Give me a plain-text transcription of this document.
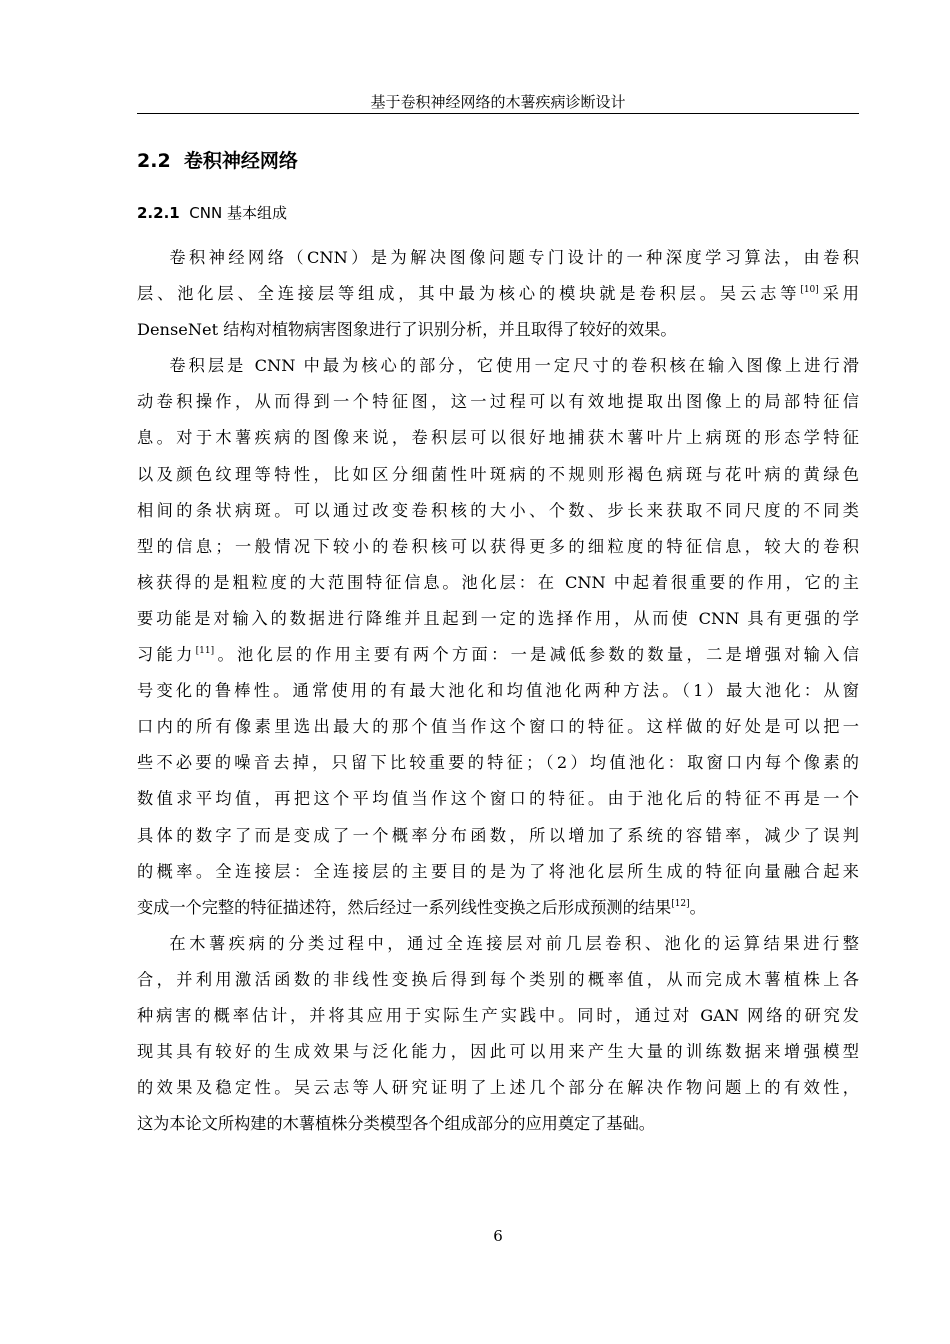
基于卷积神经网络的木薯疾病诊断设计
2.2 卷积神经网络
2.2.1 CNN 基本组成
卷积神经网络（CNN）是为解决图像问题专门设计的一种深度学习算法，由卷积
层、池化层、全连接层等组成，其中最为核心的模块就是卷积层。吴云志等[10]采用
DenseNet 结构对植物病害图象进行了识别分析，并且取得了较好的效果。
卷积层是 CNN 中最为核心的部分，它使用一定尺寸的卷积核在输入图像上进行滑
动卷积操作，从而得到一个特征图，这一过程可以有效地提取出图像上的局部特征信
息。对于木薯疾病的图像来说，卷积层可以很好地捕获木薯叶片上病斑的形态学特征
以及颜色纹理等特性，比如区分细菌性叶斑病的不规则形褐色病斑与花叶病的黄绿色
相间的条状病斑。可以通过改变卷积核的大小、个数、步长来获取不同尺度的不同类
型的信息；一般情况下较小的卷积核可以获得更多的细粒度的特征信息，较大的卷积
核获得的是粗粒度的大范围特征信息。池化层：在 CNN 中起着很重要的作用，它的主
要功能是对输入的数据进行降维并且起到一定的选择作用，从而使 CNN 具有更强的学
习能力[11]。池化层的作用主要有两个方面：一是减低参数的数量，二是增强对输入信
号变化的鲁棒性。通常使用的有最大池化和均值池化两种方法。（1）最大池化：从窗
口内的所有像素里选出最大的那个值当作这个窗口的特征。这样做的好处是可以把一
些不必要的噪音去掉，只留下比较重要的特征；（2）均值池化：取窗口内每个像素的
数值求平均值，再把这个平均值当作这个窗口的特征。由于池化后的特征不再是一个
具体的数字了而是变成了一个概率分布函数，所以增加了系统的容错率，减少了误判
的概率。全连接层：全连接层的主要目的是为了将池化层所生成的特征向量融合起来
变成一个完整的特征描述符，然后经过一系列线性变换之后形成预测的结果[12]。
在木薯疾病的分类过程中，通过全连接层对前几层卷积、池化的运算结果进行整
合，并利用激活函数的非线性变换后得到每个类别的概率值，从而完成木薯植株上各
种病害的概率估计，并将其应用于实际生产实践中。同时，通过对 GAN 网络的研究发
现其具有较好的生成效果与泛化能力，因此可以用来产生大量的训练数据来增强模型
的效果及稳定性。吴云志等人研究证明了上述几个部分在解决作物问题上的有效性，
这为本论文所构建的木薯植株分类模型各个组成部分的应用奠定了基础。
6
